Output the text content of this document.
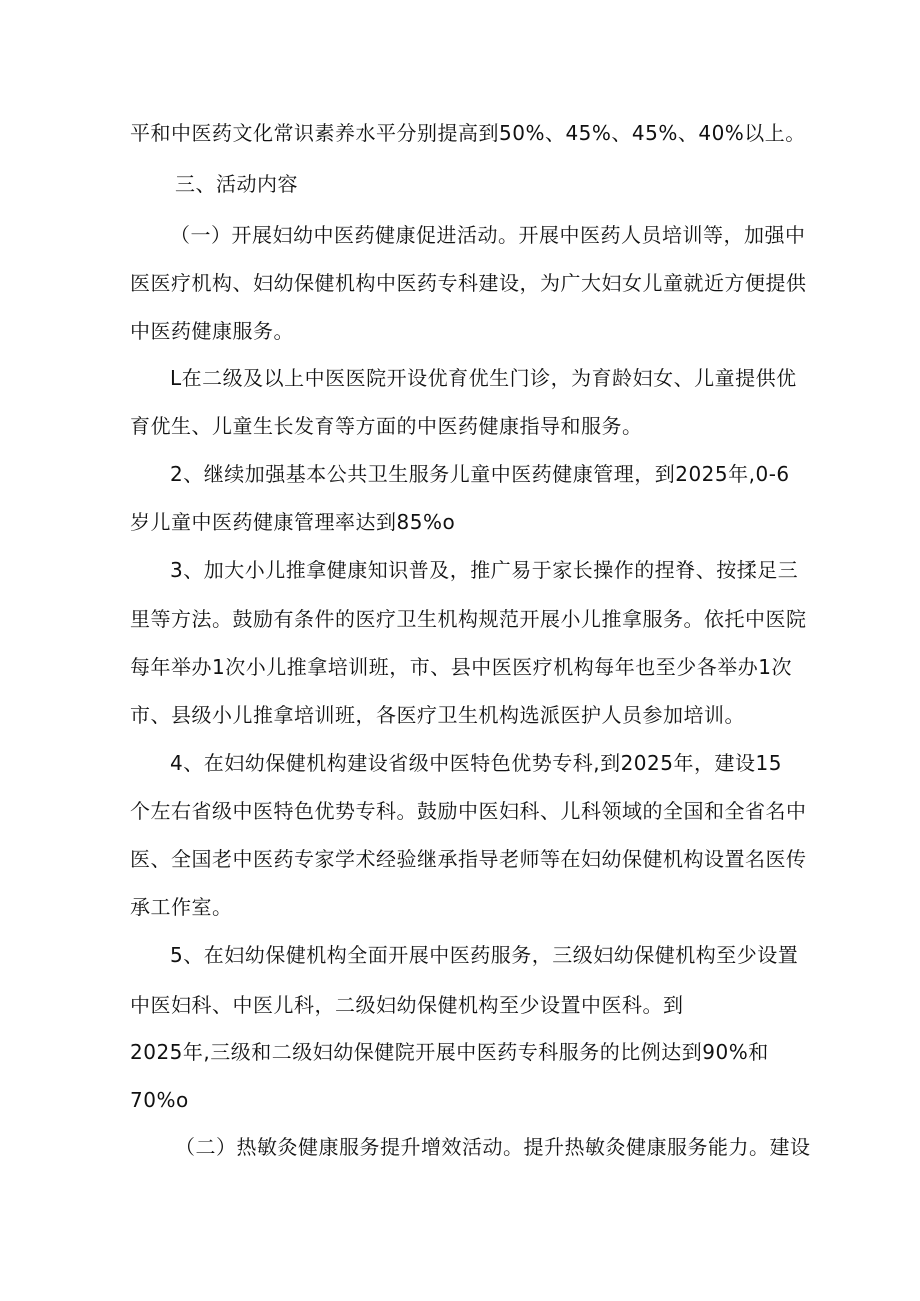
平和中医药文化常识素养水平分别提高到50%、45%、45%、40%以上。
三、活动内容
（一）开展妇幼中医药健康促进活动。开展中医药人员培训等，加强中
医医疗机构、妇幼保健机构中医药专科建设，为广大妇女儿童就近方便提供
中医药健康服务。
L在二级及以上中医医院开设优育优生门诊，为育龄妇女、儿童提供优
育优生、儿童生长发育等方面的中医药健康指导和服务。
2、继续加强基本公共卫生服务儿童中医药健康管理，到2025年,0-6
岁儿童中医药健康管理率达到85%o
3、加大小儿推拿健康知识普及，推广易于家长操作的捏脊、按揉足三
里等方法。鼓励有条件的医疗卫生机构规范开展小儿推拿服务。依托中医院
每年举办1次小儿推拿培训班，市、县中医医疗机构每年也至少各举办1次
市、县级小儿推拿培训班，各医疗卫生机构选派医护人员参加培训。
4、在妇幼保健机构建设省级中医特色优势专科,到2025年，建设15
个左右省级中医特色优势专科。鼓励中医妇科、儿科领域的全国和全省名中
医、全国老中医药专家学术经验继承指导老师等在妇幼保健机构设置名医传
承工作室。
5、在妇幼保健机构全面开展中医药服务，三级妇幼保健机构至少设置
中医妇科、中医儿科，二级妇幼保健机构至少设置中医科。到
2025年,三级和二级妇幼保健院开展中医药专科服务的比例达到90%和
70%o
（二）热敏灸健康服务提升增效活动。提升热敏灸健康服务能力。建设
